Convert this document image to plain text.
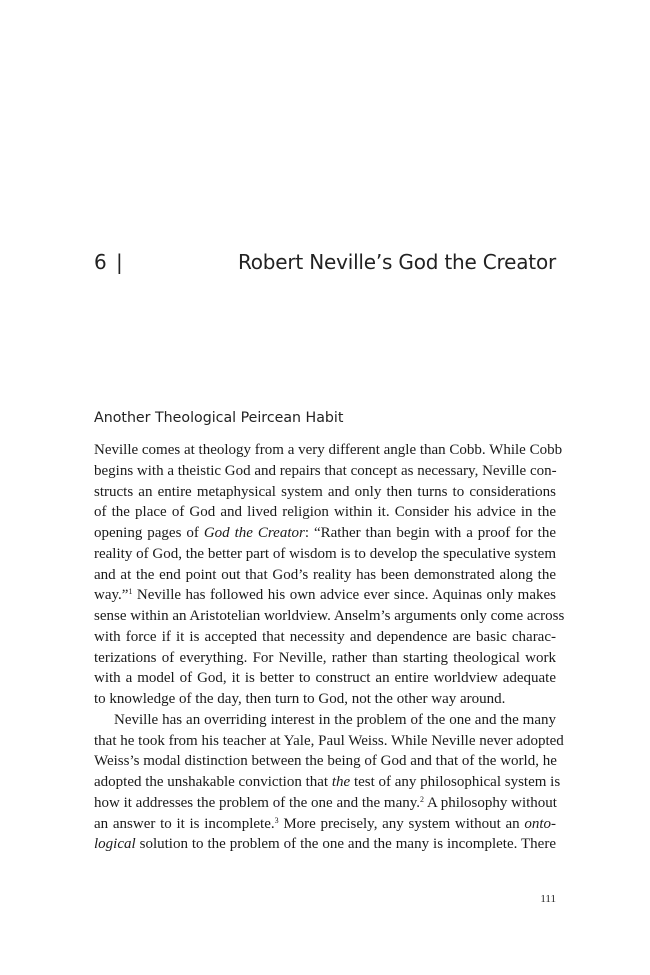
6 |	Robert Neville’s God the Creator
Another Theological Peircean Habit
Neville comes at theology from a very different angle than Cobb. While Cobb
begins with a theistic God and repairs that concept as necessary, Neville con-
structs an entire metaphysical system and only then turns to considerations
of the place of God and lived religion within it. Consider his advice in the
opening pages of God the Creator: “Rather than begin with a proof for the
reality of God, the better part of wisdom is to develop the speculative system
and at the end point out that God’s reality has been demonstrated along the
way.”$^1$ Neville has followed his own advice ever since. Aquinas only makes
sense within an Aristotelian worldview. Anselm’s arguments only come across
with force if it is accepted that necessity and dependence are basic charac-
terizations of everything. For Neville, rather than starting theological work
with a model of God, it is better to construct an entire worldview adequate
to knowledge of the day, then turn to God, not the other way around.
Neville has an overriding interest in the problem of the one and the many
that he took from his teacher at Yale, Paul Weiss. While Neville never adopted
Weiss’s modal distinction between the being of God and that of the world, he
adopted the unshakable conviction that the test of any philosophical system is
how it addresses the problem of the one and the many.$^2$ A philosophy without
an answer to it is incomplete.$^3$ More precisely, any system without an onto-
logical solution to the problem of the one and the many is incomplete. There
111
